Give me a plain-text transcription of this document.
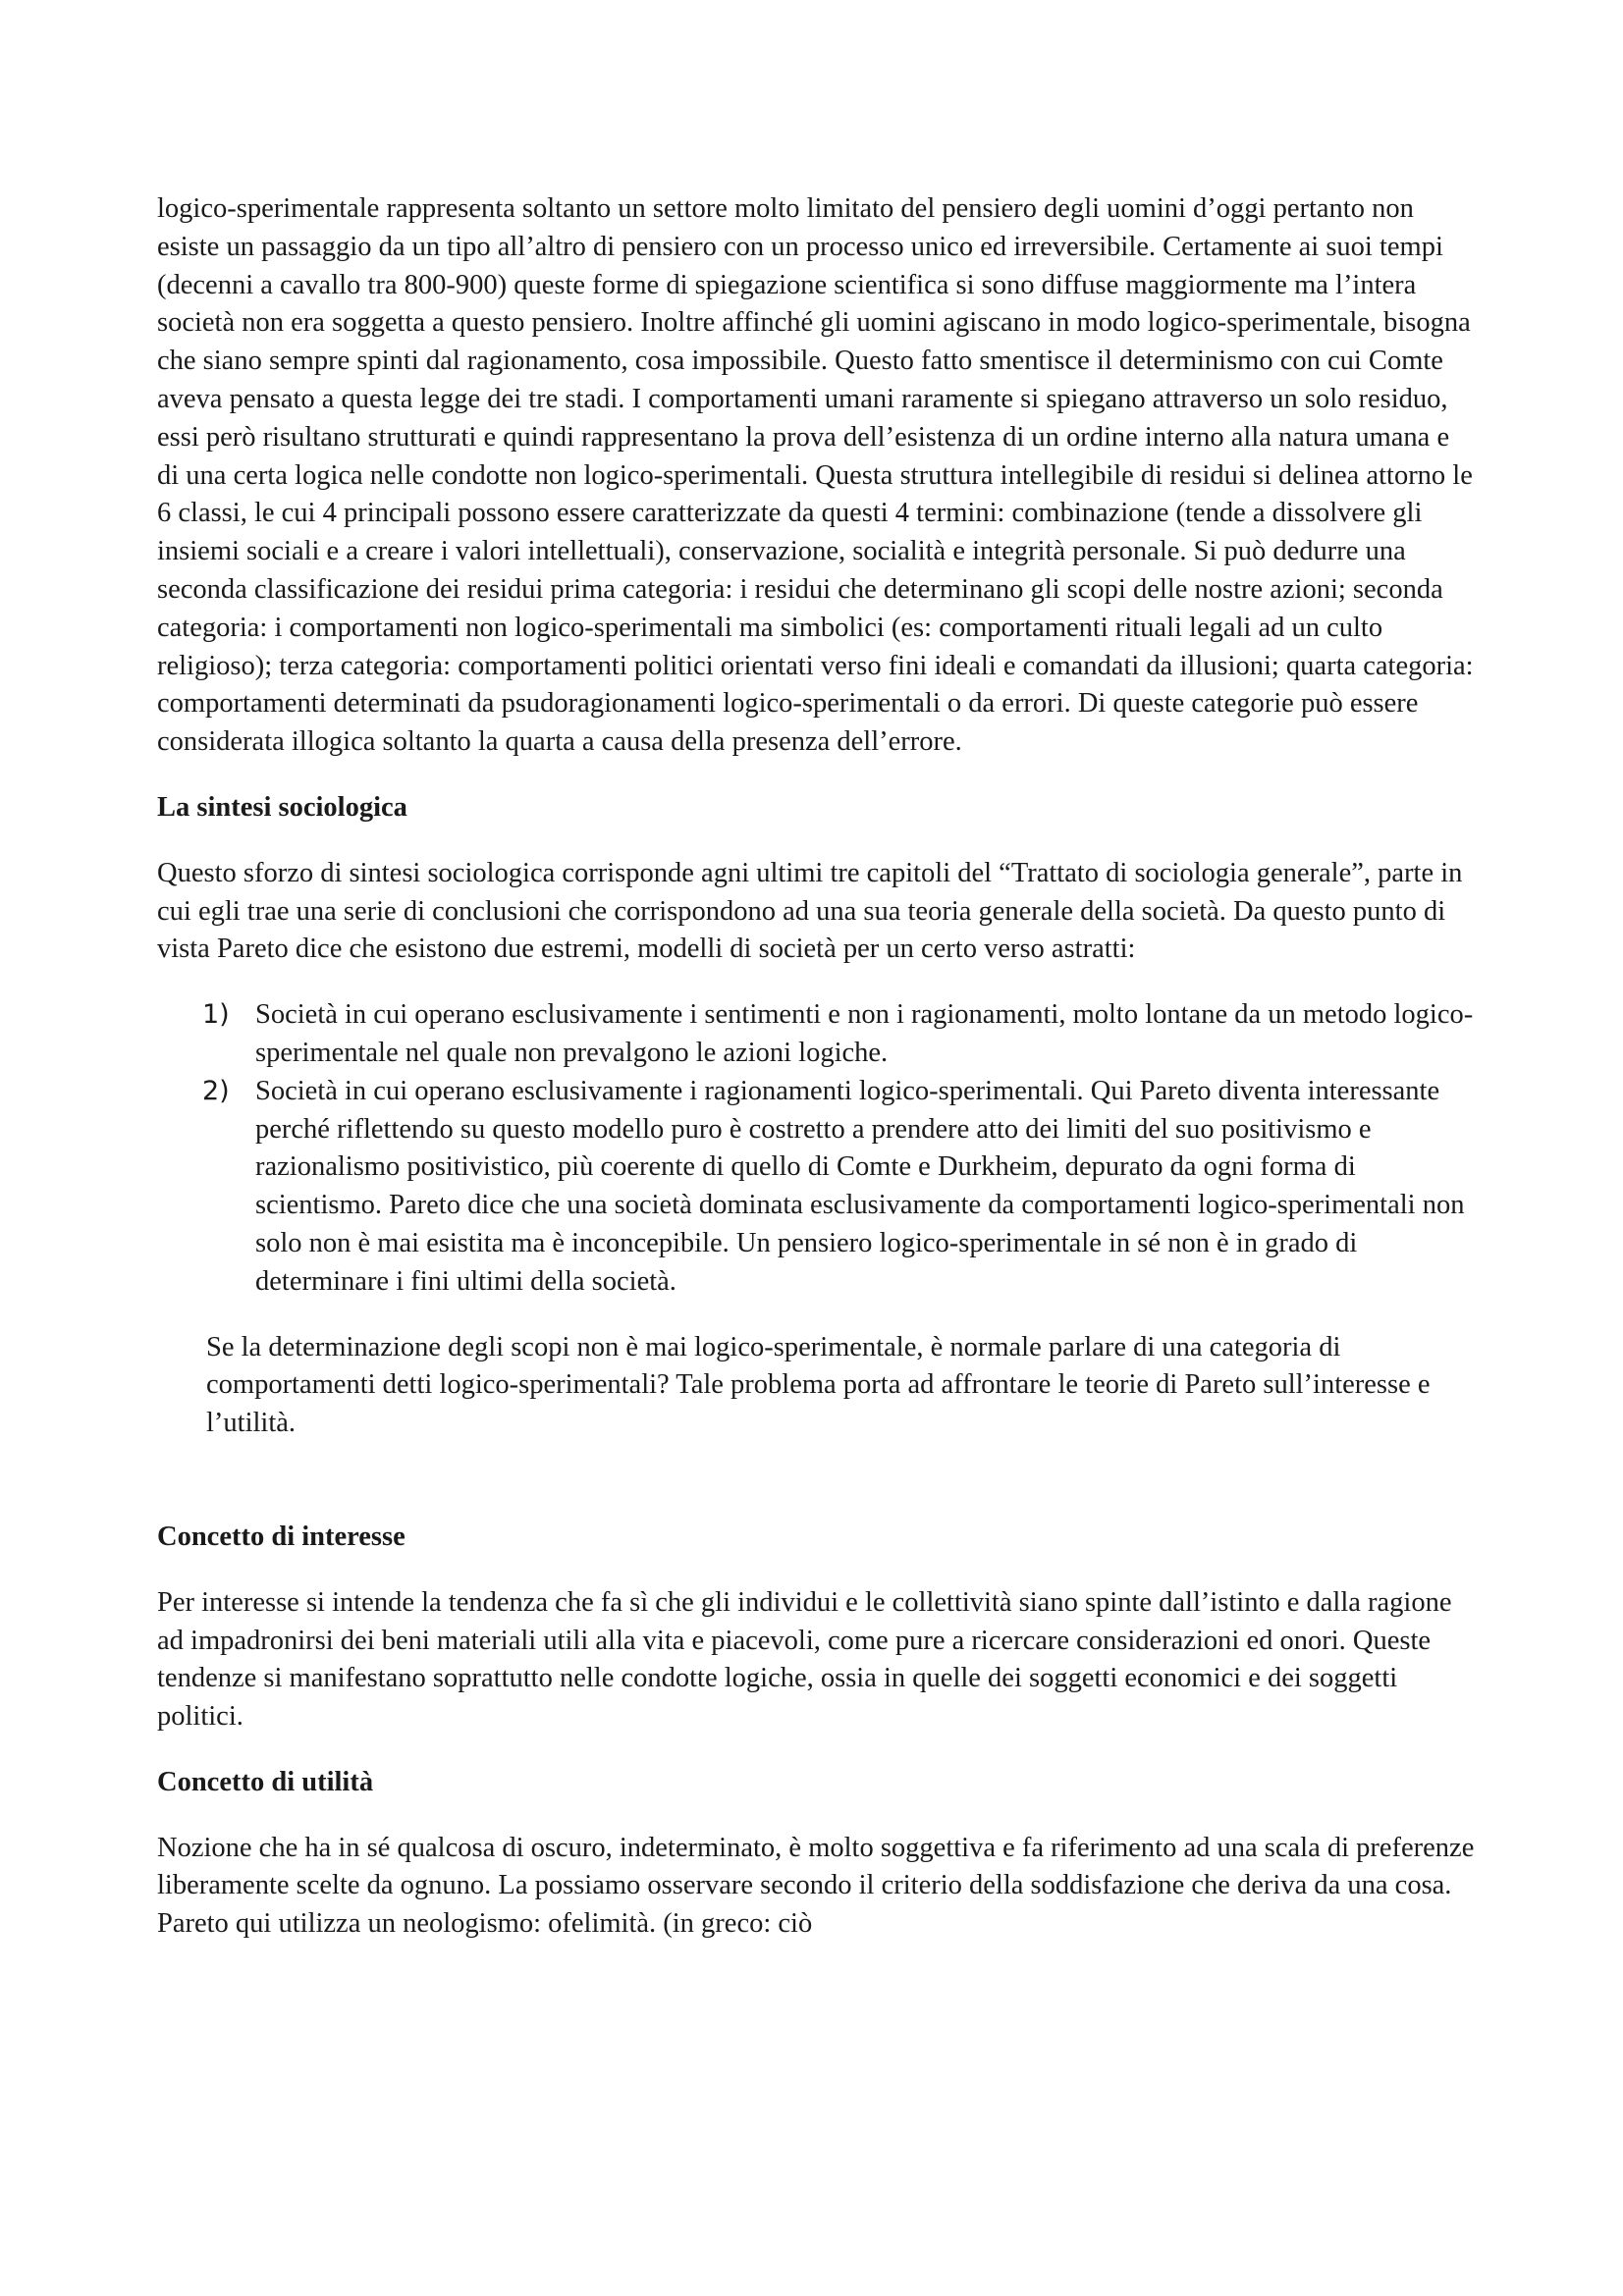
logico-sperimentale rappresenta soltanto un settore molto limitato del pensiero degli uomini d’oggi pertanto non esiste un passaggio da un tipo all’altro di pensiero con un processo unico ed irreversibile. Certamente ai suoi tempi (decenni a cavallo tra 800-900) queste forme di spiegazione scientifica si sono diffuse maggiormente ma l’intera società non era soggetta a questo pensiero. Inoltre affinché gli uomini agiscano in modo logico-sperimentale, bisogna che siano sempre spinti dal ragionamento, cosa impossibile. Questo fatto smentisce il determinismo con cui Comte aveva pensato a questa legge dei tre stadi. I comportamenti umani raramente si spiegano attraverso un solo residuo, essi però risultano strutturati e quindi rappresentano la prova dell’esistenza di un ordine interno alla natura umana e di una certa logica nelle condotte non logico-sperimentali. Questa struttura intellegibile di residui si delinea attorno le 6 classi, le cui 4 principali possono essere caratterizzate da questi 4 termini: combinazione (tende a dissolvere gli insiemi sociali e a creare i valori intellettuali), conservazione, socialità e integrità personale. Si può dedurre una seconda classificazione dei residui prima categoria: i residui che determinano gli scopi delle nostre azioni; seconda categoria: i comportamenti non logico-sperimentali ma simbolici (es: comportamenti rituali legali ad un culto religioso); terza categoria: comportamenti politici orientati verso fini ideali e comandati da illusioni; quarta categoria: comportamenti determinati da psudoragionamenti logico-sperimentali o da errori. Di queste categorie può essere considerata illogica soltanto la quarta a causa della presenza dell’errore.

La sintesi sociologica

Questo sforzo di sintesi sociologica corrisponde agni ultimi tre capitoli del “Trattato di sociologia generale”, parte in cui egli trae una serie di conclusioni che corrispondono ad una sua teoria generale della società. Da questo punto di vista Pareto dice che esistono due estremi, modelli di società per un certo verso astratti:

1) Società in cui operano esclusivamente i sentimenti e non i ragionamenti, molto lontane da un metodo logico-sperimentale nel quale non prevalgono le azioni logiche.
2) Società in cui operano esclusivamente i ragionamenti logico-sperimentali. Qui Pareto diventa interessante perché riflettendo su questo modello puro è costretto a prendere atto dei limiti del suo positivismo e razionalismo positivistico, più coerente di quello di Comte e Durkheim, depurato da ogni forma di scientismo. Pareto dice che una società dominata esclusivamente da comportamenti logico-sperimentali non solo non è mai esistita ma è inconcepibile. Un pensiero logico-sperimentale in sé non è in grado di determinare i fini ultimi della società.

Se la determinazione degli scopi non è mai logico-sperimentale, è normale parlare di una categoria di comportamenti detti logico-sperimentali? Tale problema porta ad affrontare le teorie di Pareto sull’interesse e l’utilità.

Concetto di interesse

Per interesse si intende la tendenza che fa sì che gli individui e le collettività siano spinte dall’istinto e dalla ragione ad impadronirsi dei beni materiali utili alla vita e piacevoli, come pure a ricercare considerazioni ed onori. Queste tendenze si manifestano soprattutto nelle condotte logiche, ossia in quelle dei soggetti economici e dei soggetti politici.

Concetto di utilità

Nozione che ha in sé qualcosa di oscuro, indeterminato, è molto soggettiva e fa riferimento ad una scala di preferenze liberamente scelte da ognuno. La possiamo osservare secondo il criterio della soddisfazione che deriva da una cosa. Pareto qui utilizza un neologismo: ofelimità. (in greco: ciò
